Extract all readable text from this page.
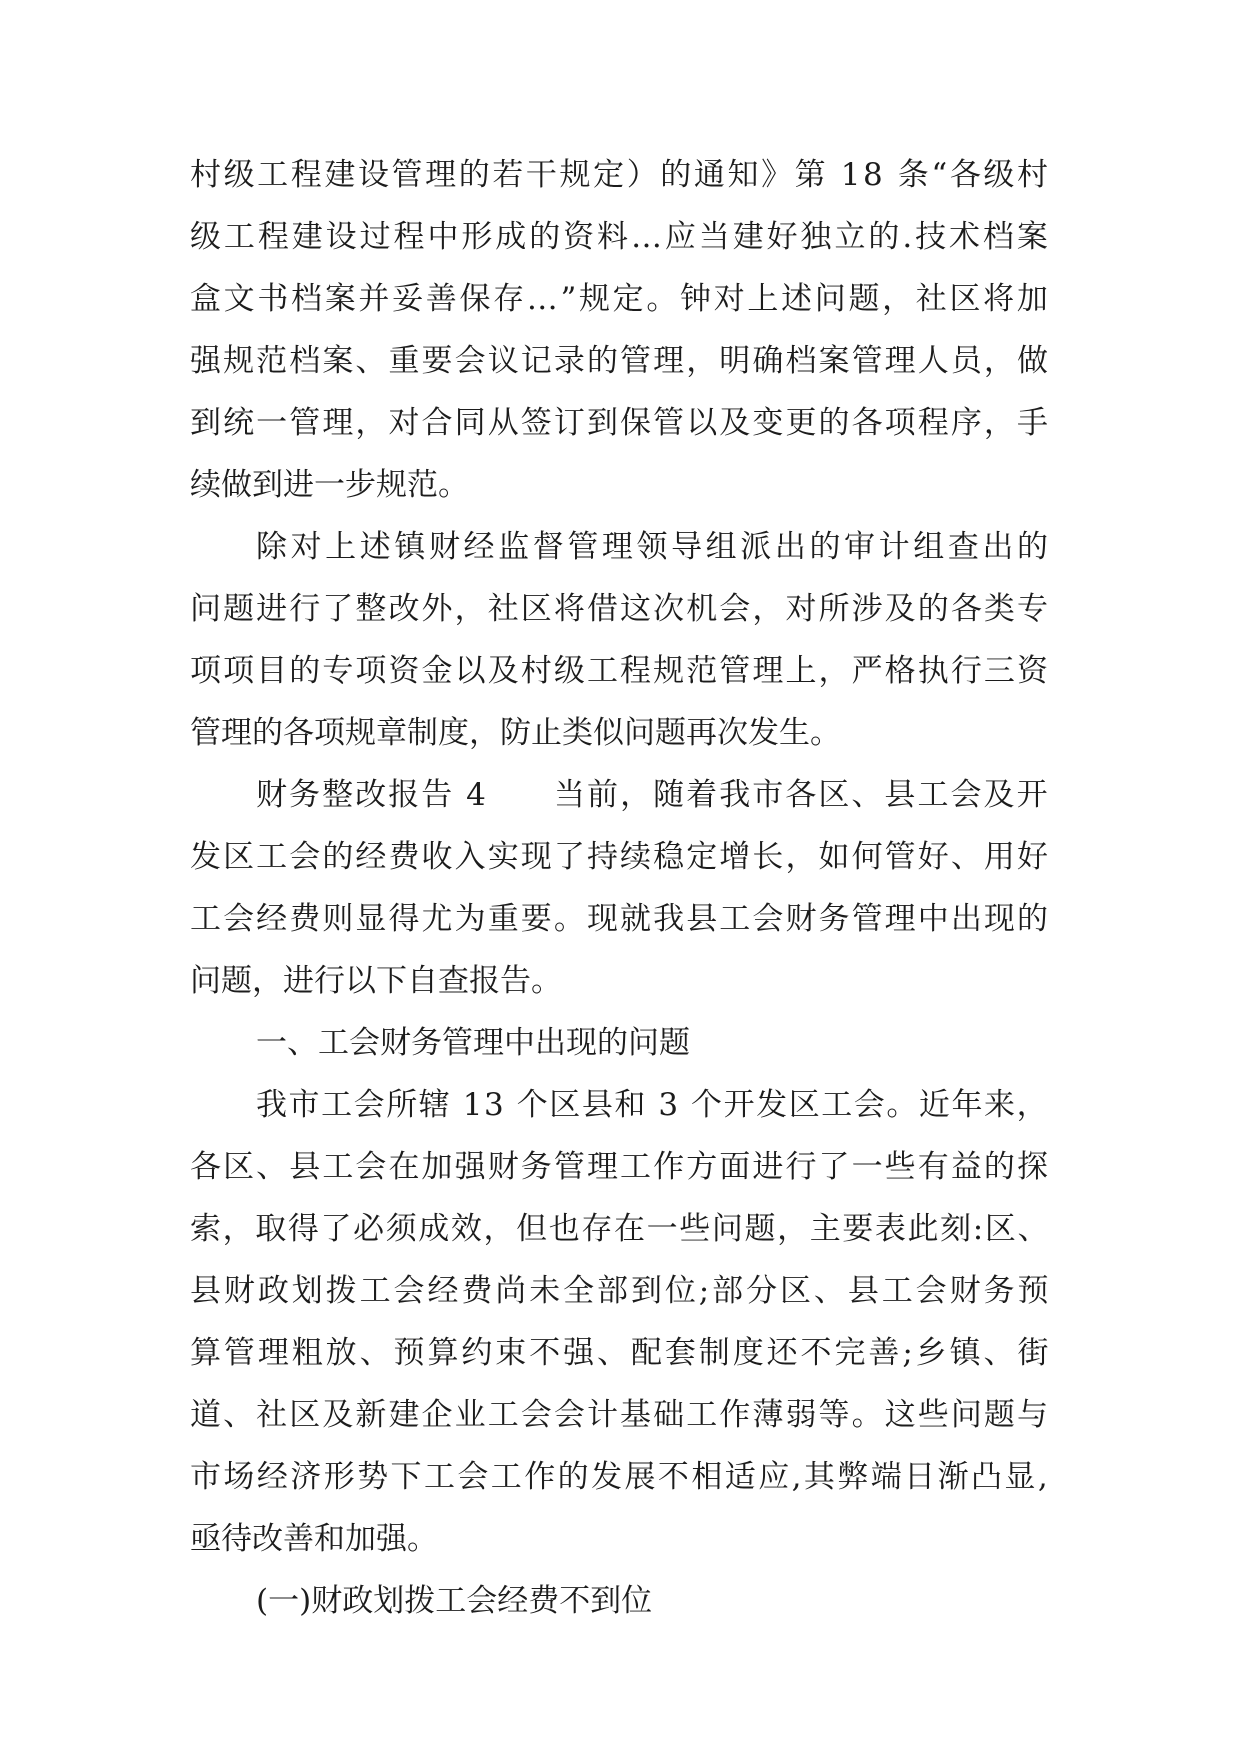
村级工程建设管理的若干规定）的通知》第 18 条“各级村
级工程建设过程中形成的资料…应当建好独立的.技术档案
盒文书档案并妥善保存…”规定。钟对上述问题，社区将加
强规范档案、重要会议记录的管理，明确档案管理人员，做
到统一管理，对合同从签订到保管以及变更的各项程序，手
续做到进一步规范。
除对上述镇财经监督管理领导组派出的审计组查出的
问题进行了整改外，社区将借这次机会，对所涉及的各类专
项项目的专项资金以及村级工程规范管理上，严格执行三资
管理的各项规章制度，防止类似问题再次发生。
财务整改报告 4　　当前，随着我市各区、县工会及开
发区工会的经费收入实现了持续稳定增长，如何管好、用好
工会经费则显得尤为重要。现就我县工会财务管理中出现的
问题，进行以下自查报告。
一、工会财务管理中出现的问题
我市工会所辖 13 个区县和 3 个开发区工会。近年来，
各区、县工会在加强财务管理工作方面进行了一些有益的探
索，取得了必须成效，但也存在一些问题，主要表此刻:区、
县财政划拨工会经费尚未全部到位;部分区、县工会财务预
算管理粗放、预算约束不强、配套制度还不完善;乡镇、街
道、社区及新建企业工会会计基础工作薄弱等。这些问题与
市场经济形势下工会工作的发展不相适应,其弊端日渐凸显,
亟待改善和加强。
(一)财政划拨工会经费不到位
